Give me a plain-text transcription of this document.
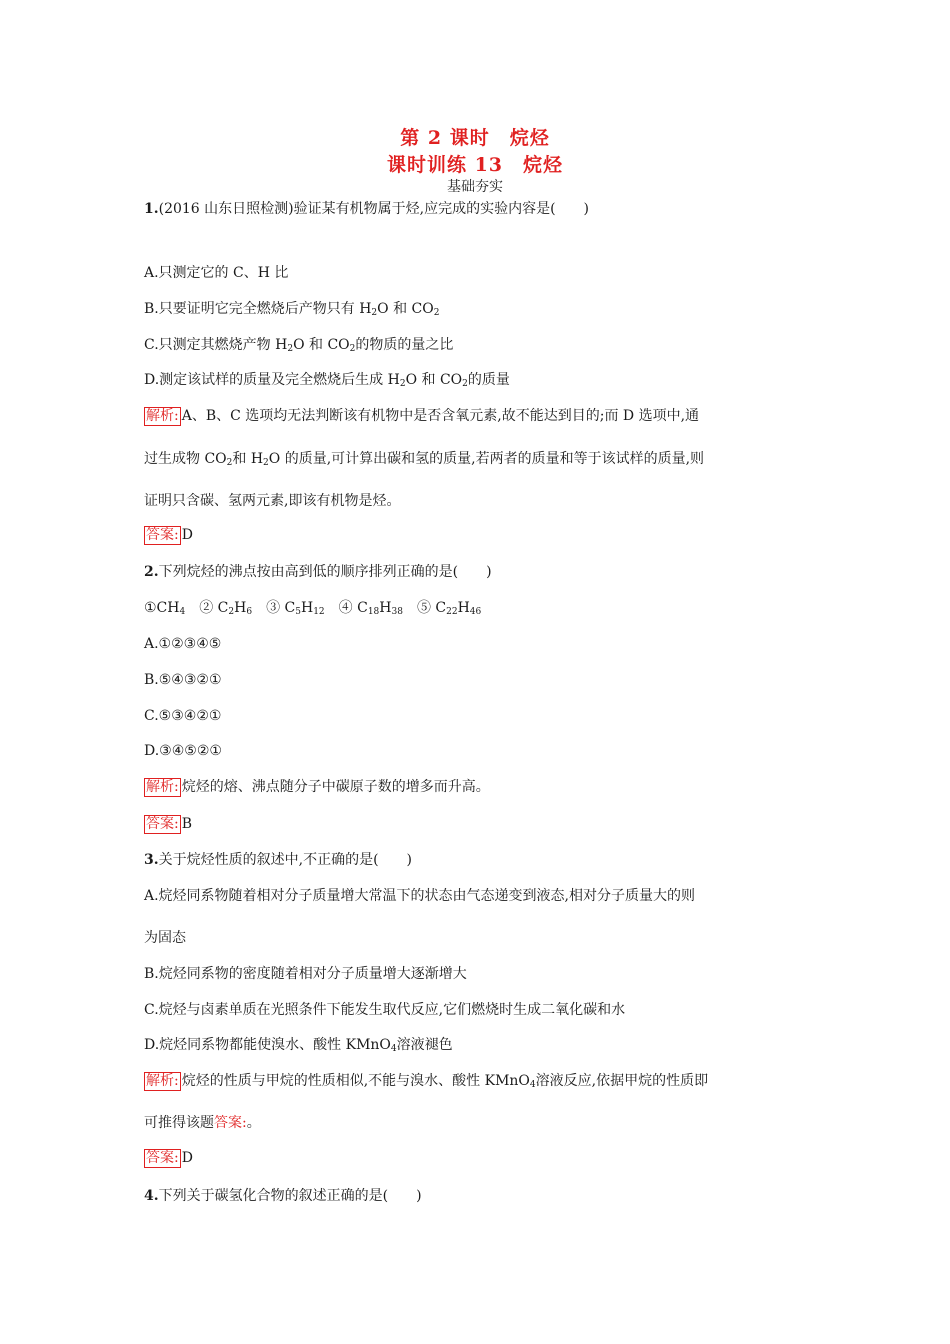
第 2 课时　烷烃
课时训练 13　烷烃
基础夯实
1.(2016 山东日照检测)验证某有机物属于烃,应完成的实验内容是(　　)
A.只测定它的 C、H 比
B.只要证明它完全燃烧后产物只有 $H_2O$ 和 $CO_2$
C.只测定其燃烧产物 $H_2O$ 和 $CO_2$的物质的量之比
D.测定该试样的质量及完全燃烧后生成 $H_2O$ 和 $CO_2$的质量
解析: A、B、C 选项均无法判断该有机物中是否含氧元素,故不能达到目的;而 D 选项中,通
过生成物 $CO_2$和 $H_2O$ 的质量,可计算出碳和氢的质量,若两者的质量和等于该试样的质量,则
证明只含碳、氢两元素,即该有机物是烃。
答案: D
2.下列烷烃的沸点按由高到低的顺序排列正确的是(　　)
$①CH_4$　② $C_2H_6$　③ $C_5H_{12}$　④ $C_{18}H_{38}$　⑤ $C_{22}H_{46}$
A.①②③④⑤
B.⑤④③②①
C.⑤③④②①
D.③④⑤②①
解析: 烷烃的熔、沸点随分子中碳原子数的增多而升高。
答案: B
3.关于烷烃性质的叙述中,不正确的是(　　)
A.烷烃同系物随着相对分子质量增大常温下的状态由气态递变到液态,相对分子质量大的则
为固态
B.烷烃同系物的密度随着相对分子质量增大逐渐增大
C.烷烃与卤素单质在光照条件下能发生取代反应,它们燃烧时生成二氧化碳和水
D.烷烃同系物都能使溴水、酸性 KMnO$_4$溶液褪色
解析: 烷烃的性质与甲烷的性质相似,不能与溴水、酸性 KMnO$_4$溶液反应,依据甲烷的性质即
可推得该题答案:。
答案: D
4.下列关于碳氢化合物的叙述正确的是(　　)
